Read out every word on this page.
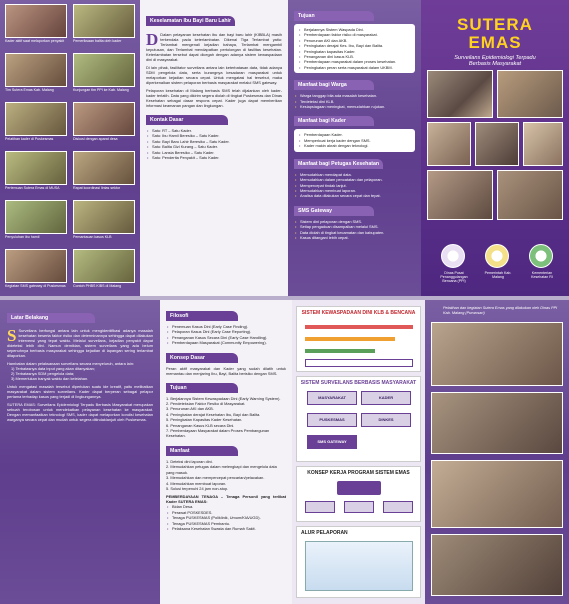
Kader aktif saat melaporkan penyakit	Pemeriksaan balita oleh kader
Tim Sutera Emas Kab. Malang	Kunjungan tim PPI ke Kab. Malang
Pelatihan kader di Puskesmas	Diskusi dengan aparat desa
Pertemuan Sutera Emas di MUSA	Rapat koordinasi lintas sektor
Penyuluhan ibu hamil	Pemantauan kasus KLB
Kegiatan SMS gateway di Puskesmas	Contoh PHBS KIBS di Malang
Keselamatan Ibu Bayi Baru Lahir
D Dalam pelayanan kesehatan ibu dan bayi baru lahir (KIBBLA) masih terkendala pada keterlambatan. Dikenal Tiga Terlambat yaitu: Terlambat mengenali kejadian bahaya, Terlambat mengambil keputusan, dan Terlambat mendapatkan pertolongan di fasilitas kesehatan. Keterlambatan tersebut dapat dicegah dengan adanya sistem kewaspadaan dini di masyarakat.
Di lain pihak, fasilitator surveilans antara lain keterbatasan data, tidak adanya SDM pengelola data, serta kurangnya kesadaran masyarakat untuk melaporkan kejadian secara cepat. Untuk mengatasi hal tersebut, maka diperkenalkan sistem pelaporan berbasis masyarakat melalui SMS gateway.
Pelaporan kesehatan di Malang berbasis SMS telah dijalankan oleh kader-kader terlatih. Data yang dikirim segera diolah di tingkat Puskesmas dan Dinas Kesehatan sebagai dasar respons cepat. Kader juga dapat memberikan informasi keamanan pangan dan lingkungan.
Kontak Dasar
• Satu: RT – Satu Kader.
• Satu: Ibu Hamil Beresiko – Satu Kader.
• Satu: Bayi Baru Lahir Beresiko – Satu Kader.
• Satu: Balita Gizi Kurang – Satu Kader.
• Satu: Lansia Beresiko – Satu Kader.
• Satu: Penderita Penyakit – Satu Kader.
Tujuan
• Berjalannya Sistem Waspada Dini.
• Pemberdayaan faktor risiko di masyarakat.
• Penurunan AKI dan AKB.
• Peningkatan derajat Kes. Ibu, Bayi dan Balita.
• Peningkatan kapasitas Kader.
• Penanganan dini kasus KLB.
• Pemberdayaan masyarakat dalam proses kesehatan.
• Peningkatan peran serta masyarakat dalam UKBM.
Manfaat bagi Warga
• Warga tanggap bila ada masalah kesehatan.
• Terdeteksi dini KLB.
• Kesiapsiagaan meningkat, memudahkan rujukan.
Manfaat bagi Kader
• Pemberdayaan Kader.
• Memperkuat kerja kader dengan SMS.
• Kader makin akrab dengan teknologi.
Manfaat bagi Petugas Kesehatan
• Memudahkan mendapat data.
• Memudahkan dalam pencatatan dan pelaporan.
• Mempercepat tindak lanjut.
• Memudahkan membuat laporan.
• Analisa data dilakukan secara cepat dan tepat.
SMS Gateway
• Sistem dini pelaporan dengan SMS.
• Setiap pengaduan disampaikan melalui SMS.
• Data diolah di tingkat kecamatan dan kabupaten.
• Kasus ditangani lebih cepat.
SUTERA EMAS
Surveilans Epidemiologi Terpadu
Berbasis Masyarakat
Dinas Pusat Penanggulangan Bencana (PPI)
Pemerintah Kab. Malang
Kementerian Kesehatan RI
Latar Belakang
S Surveilans berfungsi antara lain untuk mengidentifikasi adanya masalah kesehatan beserta faktor risiko dan determinannya sehingga dapat dilakukan intervensi yang tepat waktu. Melalui surveilans, kejadian penyakit dapat dideteksi lebih dini. Namun demikian, sistem surveilans yang ada belum sepenuhnya berbasis masyarakat sehingga kejadian di lapangan sering terlambat dilaporkan.
Hambatan dalam pelaksanaan surveilans secara menyeluruh, antara lain:
1) Terbatasnya data input yang akan ditanyakan;
2) Terbatasnya SDM pengelola data;
3) Memerlukan banyak waktu dan kelelahan.
Untuk mengatasi masalah tersebut diperlukan suatu ide kreatif, yaitu melibatkan masyarakat dalam sistem surveilans. Kader dapat berperan sebagai pelapor pertama terhadap kasus yang terjadi di lingkungannya.
SUTERA EMAS: Surveilans Epidemiologi Terpadu Berbasis Masyarakat merupakan sebuah terobosan untuk mendekatkan pelayanan kesehatan ke masyarakat. Dengan memanfaatkan teknologi SMS, kader dapat melaporkan kondisi kesehatan warganya secara cepat dan mudah untuk segera ditindaklanjuti oleh Puskesmas.
Filosofi
• Penemuan Kasus Dini (Early Case Finding).
• Pelaporan Kasus Dini (Early Case Reporting).
• Penanganan Kasus Secara Dini (Early Case Handling).
• Pemberdayaan Masyarakat (Community Empowering).
Konsep Dasar
Peran aktif masyarakat dan Kader yang sudah dilatih untuk memantau dan menjaring Ibu, Bayi, Balita berisiko dengan SMS.
Tujuan
1. Berjalannya Sistem Kewaspadaan Dini (Early Warning System).
2. Pendeteksian Faktor Resiko di Masyarakat.
3. Penurunan AKI dan AKB.
4. Peningkatan derajat Kesehatan Ibu, Bayi dan Balita.
5. Peningkatan Kapasitas Kader Kesehatan.
6. Penanganan Kasus KLB secara Dini.
7. Pemberdayaan Masyarakat dalam Proses Pembangunan Kesehatan.
Manfaat
1. Deteksi dini laporan dini.
2. Memudahkan petugas dalam melengkapi dan mengelola data yang masuk.
3. Memudahkan dan mempercepat pencarian/pelacakan.
4. Memudahkan membuat laporan.
5. Solusi terpenuhi 24 jam non-stop.
PEMBERDAYAAN TENAGA – Tenaga Personil yang terlibat Kader SUTERA EMAS:
• Bidan Desa.
• Perawat POSKESDES.
• Tenaga PUSKESMAS (Poliklinik, Umum/KIA/UGD).
• Tenaga PUSKESMAS Pembantu.
• Pelaksana Kesehatan Swasta dan Rumah Sakit.
SISTEM KEWASPADAAN DINI KLB & BENCANA
SISTEM SURVEILANS BERBASIS MASYARAKAT
MASYARAKAT	KADER
PUSKESMAS	DINKES
SMS GATEWAY
KONSEP KERJA PROGRAM SISTEM EMAS
ALUR PELAPORAN
Pelatihan dan kegiatan Sutera Emas yang dilakukan oleh Dinas PPI Kab. Malang (Purwosari)
